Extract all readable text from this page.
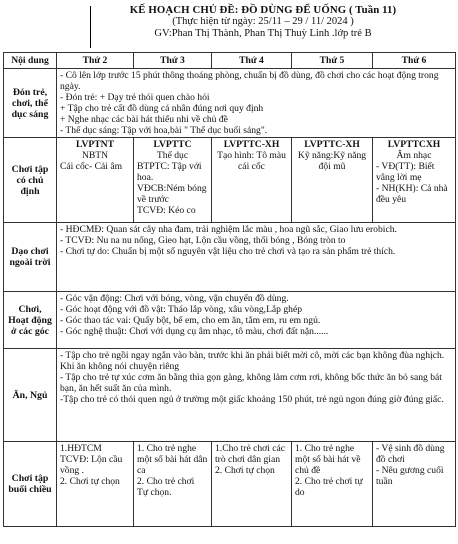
KẾ HOẠCH CHỦ ĐỀ: ĐỒ DÙNG ĐỂ UỐNG ( Tuần 11)
(Thực hiện từ ngày: 25/11 – 29 / 11/ 2024 )
GV:Phan Thị Thành, Phan Thị Thuỳ Linh .lớp trẻ B
Nội dung	Thứ 2	Thứ 3	Thứ 4	Thứ 5	Thứ 6
Đón trẻ, chơi, thể dục sáng	- Cô lên lớp trước 15 phút thông thoáng phòng, chuẩn bị đồ dùng, đồ chơi cho các hoạt động trong ngày.
- Đón trẻ: + Dạy trẻ thói quen chào hỏi
+ Tập cho trẻ cất đồ dùng cá nhân đúng nơi quy định
+ Nghe nhạc các bài hát thiếu nhi về chủ đề
- Thể dục sáng: Tập với hoa,bài " Thể dục buổi sáng".				

Chơi tập có chủ định	LVPTNT
NBTN
Cái cốc- Cái âm	LVPTTC
Thể dục
BTPTC: Tập với hoa.
VĐCB:Ném bóng về trước
TCVĐ: Kéo co	LVPTTC-XH
Tạo hình: Tô màu cái cốc	LVPTTC-XH
Kỹ năng:Kỹ năng đội mũ	LVPTTCXH
Âm nhạc
- VĐ(TT): Biết vâng lời mẹ
- NH(KH): Cả nhà đều yêu

Dạo chơi ngoài trời	- HĐCMĐ: Quan sát cây nha đam, trải nghiệm lắc màu , hoa ngũ sắc, Giao lưu erobich.
- TCVĐ: Nu na nu nống, Gieo hạt, Lộn cầu vồng, thổi bóng , Bóng tròn to
- Chơi tự do: Chuẩn bị một số nguyên vật liệu cho trẻ chơi và tạo ra sản phẩm trẻ thích.				

Chơi, Hoạt động ở các góc	- Góc vận động: Chơi với bóng, vòng, vận chuyển đồ dùng.
- Góc hoạt động với đồ vật: Tháo lắp vòng, xâu vòng,Lắp ghép
- Góc thao tác vai: Quấy bột, bế em, cho em ăn, tắm em, ru em ngủ.
- Góc nghệ thuật: Chơi với dụng cụ âm nhạc, tô màu, chơi đất nặn......				

Ăn, Ngủ	- Tập cho trẻ ngồi ngay ngắn vào bàn, trước khi ăn phải biết mời cô, mời các bạn không đùa nghịch. Khi ăn không nói chuyện riêng
- Tập cho trẻ tự xúc cơm ăn bằng thìa gọn gàng, không làm cơm rơi, không bốc thức ăn bỏ sang bát bạn, ăn hết suất ăn của mình.
-Tập cho trẻ có thói quen ngủ ở trường một giấc khoảng 150 phút, trẻ ngủ ngon đúng giờ đúng giấc.				

Chơi tập buổi chiều	1.HĐTCM
TCVĐ: Lộn cầu vồng .
2. Chơi tự chọn	1. Cho trẻ nghe một số bài hát dân ca
2. Cho trẻ chơi
Tự chọn.	1.Cho trẻ chơi các trò chơi dân gian
2. Chơi tự chọn	1. Cho trẻ nghe một số bài hát về chủ đề
2. Cho trẻ chơi tự do	- Vệ sinh đồ dùng đồ chơi
- Nêu gương cuối tuần
